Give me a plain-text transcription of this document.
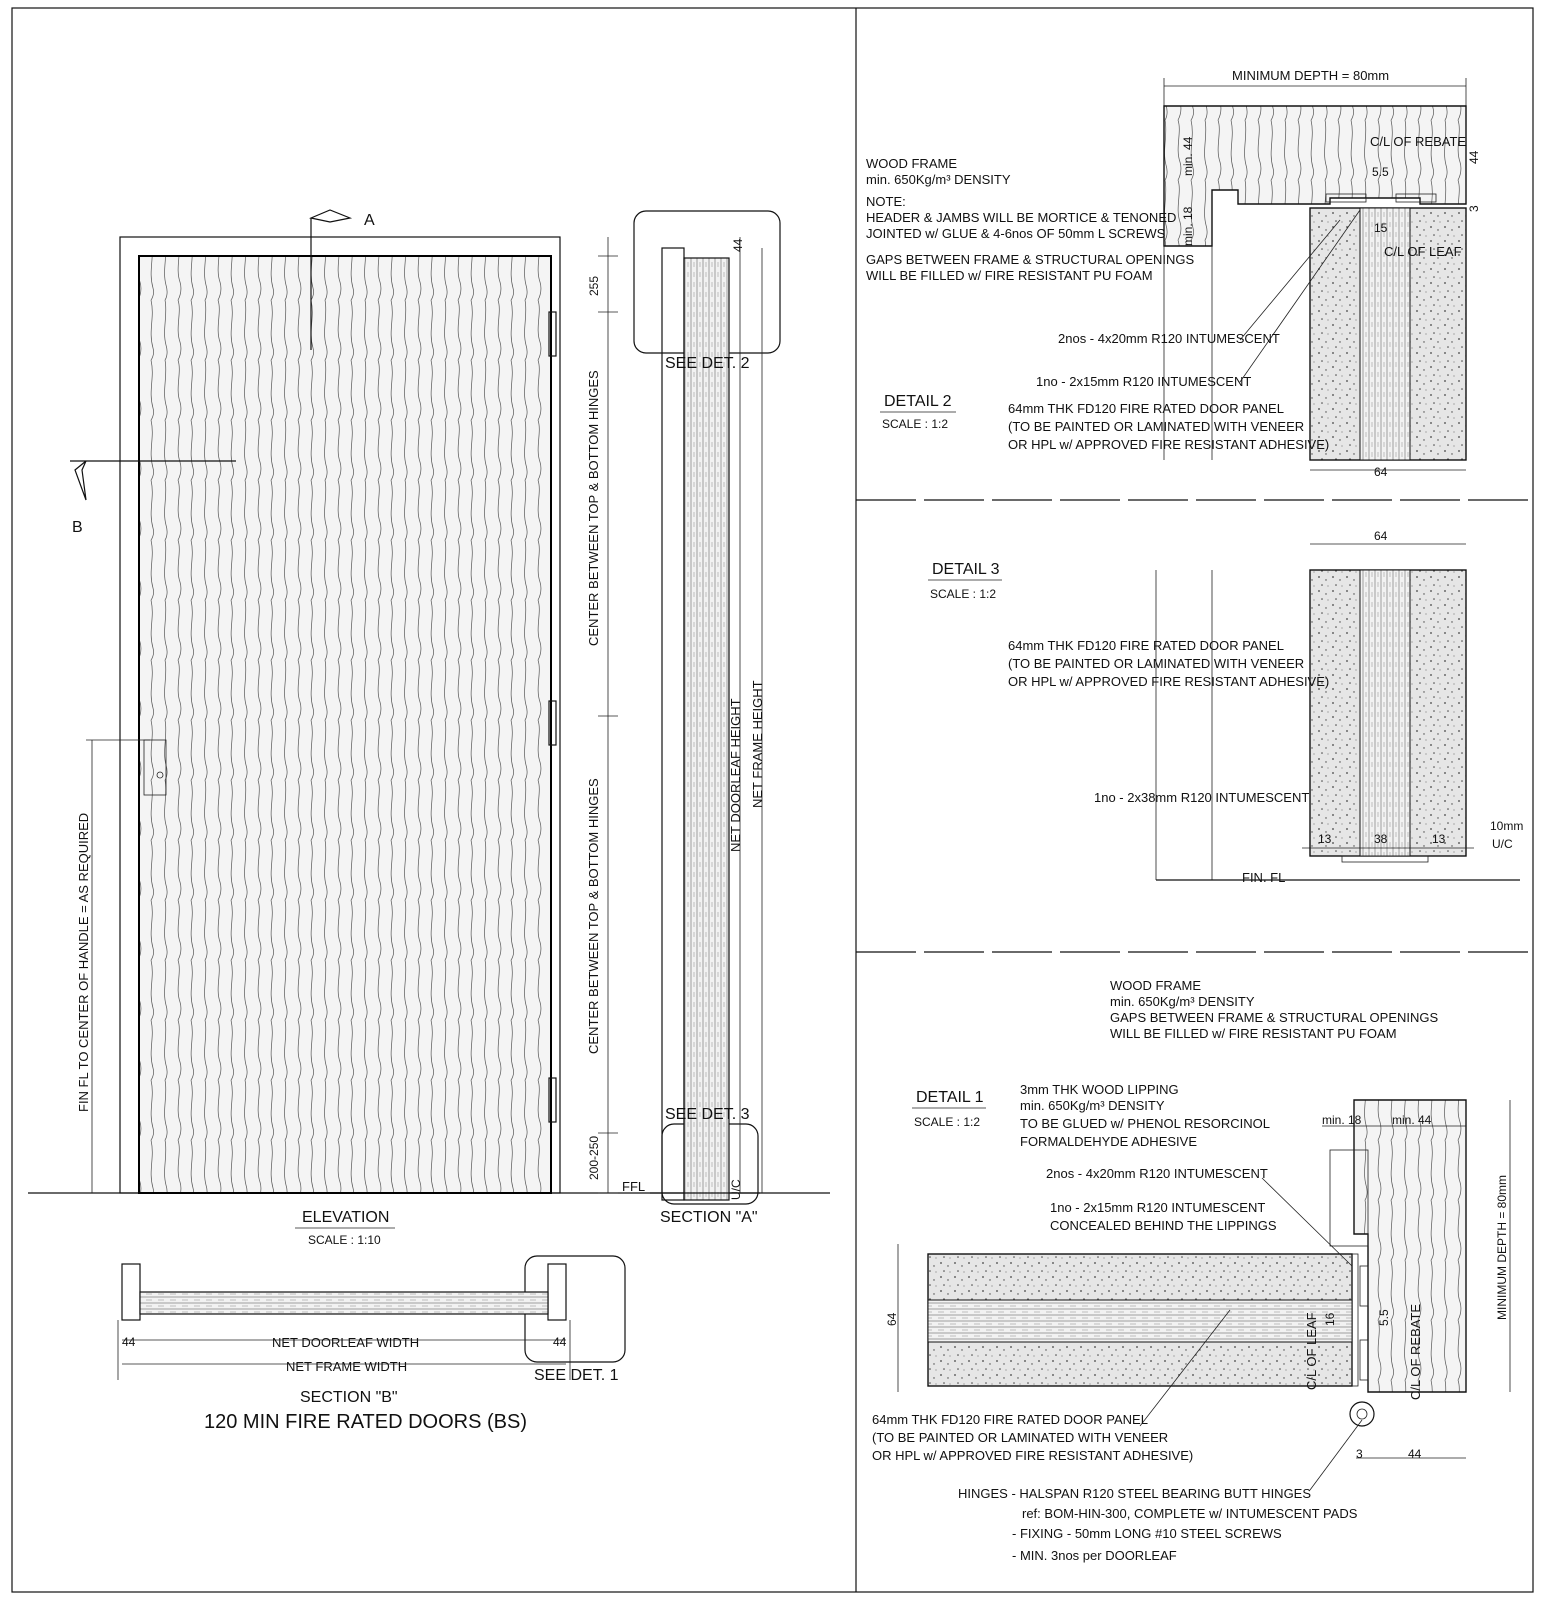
ELEVATION
SCALE : 1:10
A
B
255
CENTER BETWEEN TOP & BOTTOM HINGES
CENTER BETWEEN TOP & BOTTOM HINGES
200-250
FIN FL TO CENTER OF HANDLE = AS REQUIRED
SEE DET. 2
SEE DET. 3
44
NET DOORLEAF HEIGHT NET FRAME HEIGHT
FFL	U/C
SECTION "A"
44	44
NET DOORLEAF WIDTH
NET FRAME WIDTH
SEE DET. 1
SECTION "B"
120 MIN FIRE RATED DOORS (BS)
MINIMUM DEPTH = 80mm
WOOD FRAME
min. 650Kg/m³ DENSITY
NOTE:
HEADER & JAMBS WILL BE MORTICE & TENONED
JOINTED w/ GLUE & 4-6nos OF 50mm L SCREWS
GAPS BETWEEN FRAME & STRUCTURAL OPENINGS
WILL BE FILLED w/ FIRE RESISTANT PU FOAM
2nos - 4x20mm R120 INTUMESCENT
1no - 2x15mm R120 INTUMESCENT
DETAIL 2
SCALE : 1:2
64mm THK FD120 FIRE RATED DOOR PANEL
(TO BE PAINTED OR LAMINATED WITH VENEER
OR HPL w/ APPROVED FIRE RESISTANT ADHESIVE)
C/L OF REBATE
C/L OF LEAF
min. 44
min. 18
44
5.5
15
3
64
64
DETAIL 3
SCALE : 1:2
64mm THK FD120 FIRE RATED DOOR PANEL
(TO BE PAINTED OR LAMINATED WITH VENEER
OR HPL w/ APPROVED FIRE RESISTANT ADHESIVE)
1no - 2x38mm R120 INTUMESCENT
13	38	13
10mm
U/C
FIN. FL
WOOD FRAME
min. 650Kg/m³ DENSITY
GAPS BETWEEN FRAME & STRUCTURAL OPENINGS
WILL BE FILLED w/ FIRE RESISTANT PU FOAM
DETAIL 1
SCALE : 1:2
3mm THK WOOD LIPPING
min. 650Kg/m³ DENSITY
TO BE GLUED w/ PHENOL RESORCINOL
FORMALDEHYDE ADHESIVE
2nos - 4x20mm R120 INTUMESCENT
1no - 2x15mm R120 INTUMESCENT
CONCEALED BEHIND THE LIPPINGS
min. 18	min. 44
MINIMUM DEPTH = 80mm
64	16	5.5
C/L OF LEAF	C/L OF REBATE
3	44
64mm THK FD120 FIRE RATED DOOR PANEL
(TO BE PAINTED OR LAMINATED WITH VENEER
OR HPL w/ APPROVED FIRE RESISTANT ADHESIVE)
HINGES - HALSPAN R120 STEEL BEARING BUTT HINGES
ref: BOM-HIN-300, COMPLETE w/ INTUMESCENT PADS
- FIXING - 50mm LONG #10 STEEL SCREWS
- MIN. 3nos per DOORLEAF
